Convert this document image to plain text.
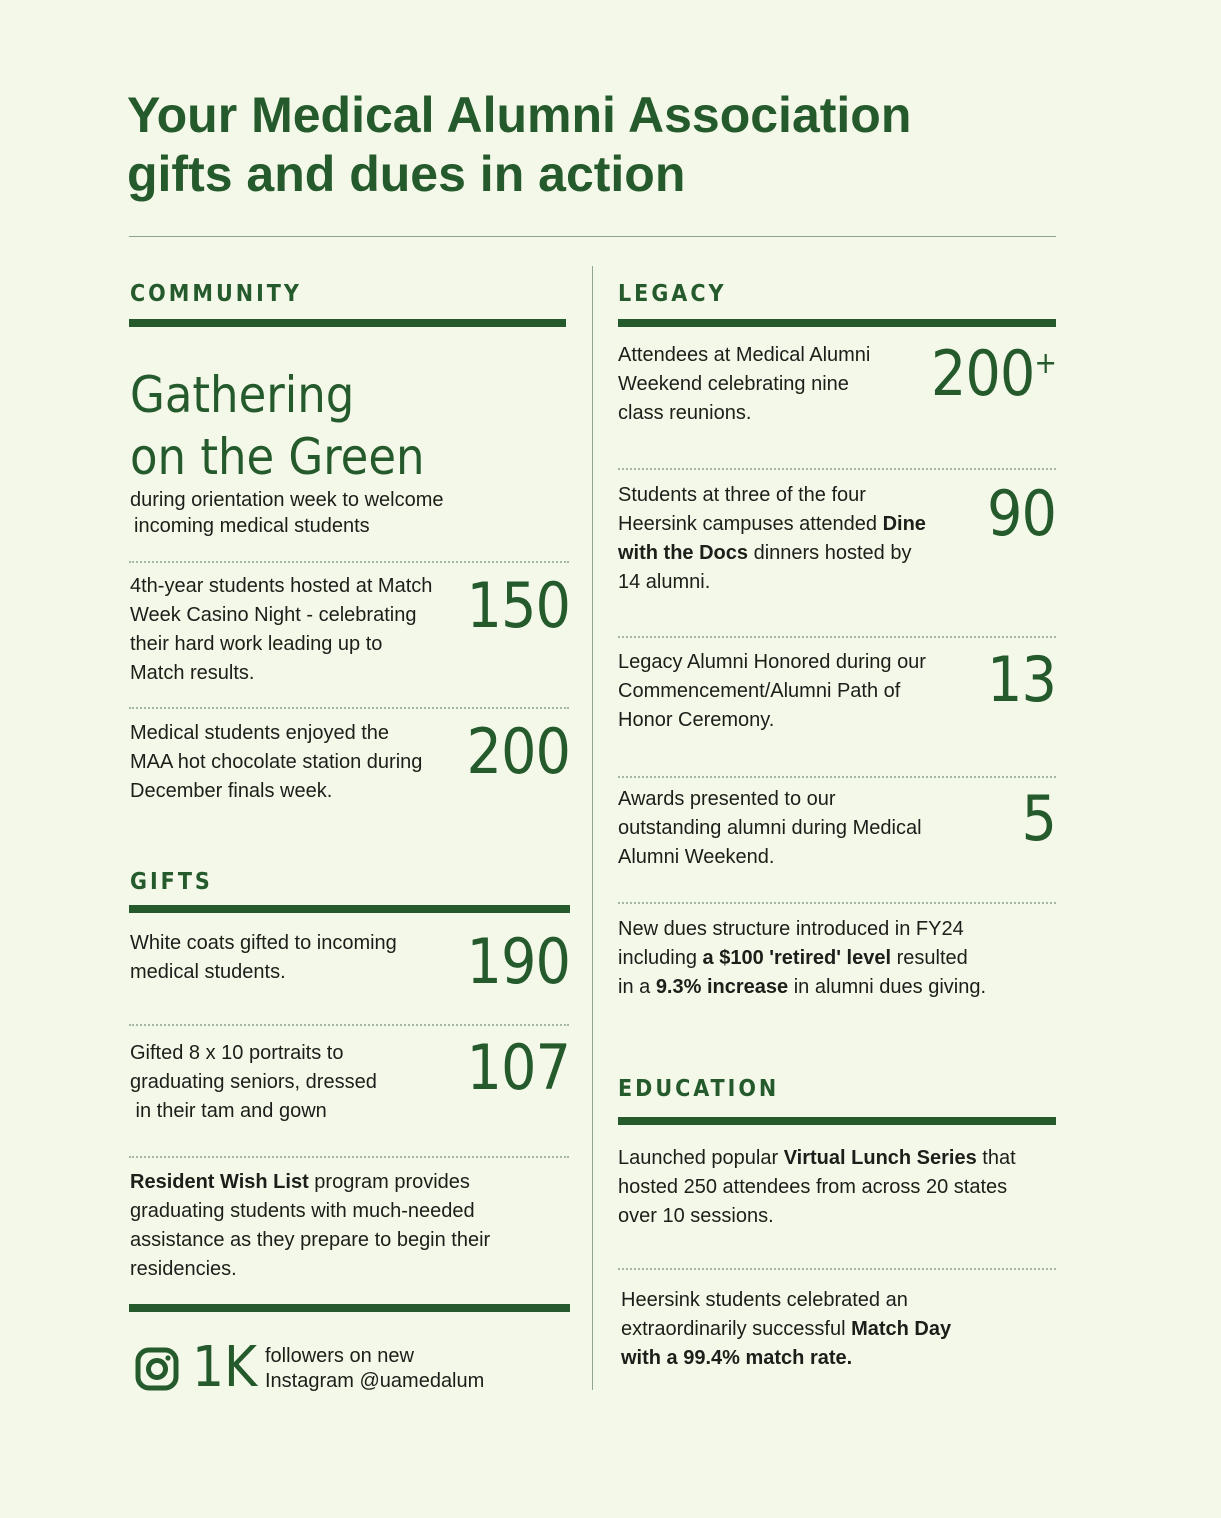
Your Medical Alumni Association
gifts and dues in action
COMMUNITY
Gathering
on the Green
during orientation week to welcome
incoming medical students

4th-year students hosted at Match
Week Casino Night - celebrating
their hard work leading up to
Match results.

150

Medical students enjoyed the
MAA hot chocolate station during
December finals week.

200
GIFTS

White coats gifted to incoming
medical students.	190

Gifted 8 x 10 portraits to
graduating seniors, dressed
in their tam and gown

107

Resident Wish List program provides
graduating students with much-needed
assistance as they prepare to begin their
residencies.

1K followers on new
Instagram @uamedalum
LEGACY

Attendees at Medical Alumni
Weekend celebrating nine
class reunions.

200+

Students at three of the four
Heersink campuses attended Dine
with the Docs dinners hosted by
14 alumni.

90

Legacy Alumni Honored during our
Commencement/Alumni Path of
Honor Ceremony.

13

Awards presented to our
outstanding alumni during Medical
Alumni Weekend.

5

New dues structure introduced in FY24
including a $100 'retired' level resulted
in a 9.3% increase in alumni dues giving.

EDUCATION

Launched popular Virtual Lunch Series that
hosted 250 attendees from across 20 states
over 10 sessions.

Heersink students celebrated an
extraordinarily successful Match Day
with a 99.4% match rate.
